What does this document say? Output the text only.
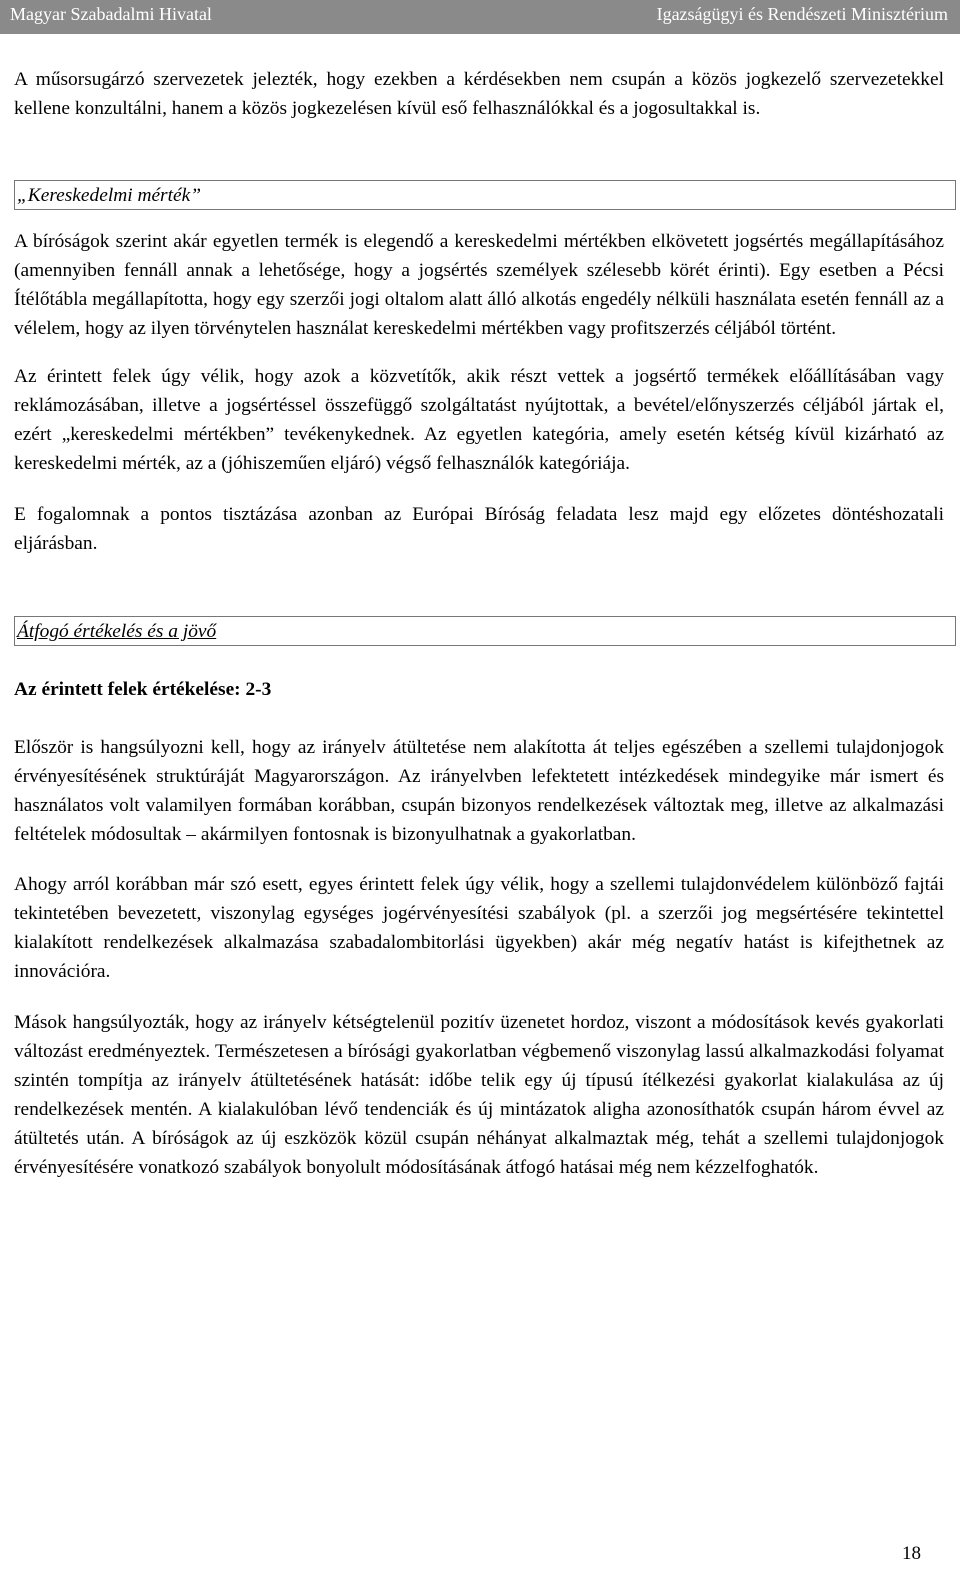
Magyar Szabadalmi Hivatal	Igazságügyi és Rendészeti Minisztérium

A műsorsugárzó szervezetek jelezték, hogy ezekben a kérdésekben nem csupán a közös jogkezelő szervezetekkel kellene konzultálni, hanem a közös jogkezelésen kívül eső felhasználókkal és a jogosultakkal is.

„Kereskedelmi mérték”

A bíróságok szerint akár egyetlen termék is elegendő a kereskedelmi mértékben elkövetett jogsértés megállapításához (amennyiben fennáll annak a lehetősége, hogy a jogsértés személyek szélesebb körét érinti). Egy esetben a Pécsi Ítélőtábla megállapította, hogy egy szerzői jogi oltalom alatt álló alkotás engedély nélküli használata esetén fennáll az a vélelem, hogy az ilyen törvénytelen használat kereskedelmi mértékben vagy profitszerzés céljából történt.

Az érintett felek úgy vélik, hogy azok a közvetítők, akik részt vettek a jogsértő termékek előállításában vagy reklámozásában, illetve a jogsértéssel összefüggő szolgáltatást nyújtottak, a bevétel/előnyszerzés céljából jártak el, ezért „kereskedelmi mértékben” tevékenykednek. Az egyetlen kategória, amely esetén kétség kívül kizárható az kereskedelmi mérték, az a (jóhiszeműen eljáró) végső felhasználók kategóriája.

E fogalomnak a pontos tisztázása azonban az Európai Bíróság feladata lesz majd egy előzetes döntéshozatali eljárásban.

Átfogó értékelés és a jövő

Az érintett felek értékelése: 2-3

Először is hangsúlyozni kell, hogy az irányelv átültetése nem alakította át teljes egészében a szellemi tulajdonjogok érvényesítésének struktúráját Magyarországon. Az irányelvben lefektetett intézkedések mindegyike már ismert és használatos volt valamilyen formában korábban, csupán bizonyos rendelkezések változtak meg, illetve az alkalmazási feltételek módosultak – akármilyen fontosnak is bizonyulhatnak a gyakorlatban.

Ahogy arról korábban már szó esett, egyes érintett felek úgy vélik, hogy a szellemi tulajdonvédelem különböző fajtái tekintetében bevezetett, viszonylag egységes jogérvényesítési szabályok (pl. a szerzői jog megsértésére tekintettel kialakított rendelkezések alkalmazása szabadalombitorlási ügyekben) akár még negatív hatást is kifejthetnek az innovációra.

Mások hangsúlyozták, hogy az irányelv kétségtelenül pozitív üzenetet hordoz, viszont a módosítások kevés gyakorlati változást eredményeztek. Természetesen a bírósági gyakorlatban végbemenő viszonylag lassú alkalmazkodási folyamat szintén tompítja az irányelv átültetésének hatását: időbe telik egy új típusú ítélkezési gyakorlat kialakulása az új rendelkezések mentén. A kialakulóban lévő tendenciák és új mintázatok aligha azonosíthatók csupán három évvel az átültetés után. A bíróságok az új eszközök közül csupán néhányat alkalmaztak még, tehát a szellemi tulajdonjogok érvényesítésére vonatkozó szabályok bonyolult módosításának átfogó hatásai még nem kézzelfoghatók.

18
